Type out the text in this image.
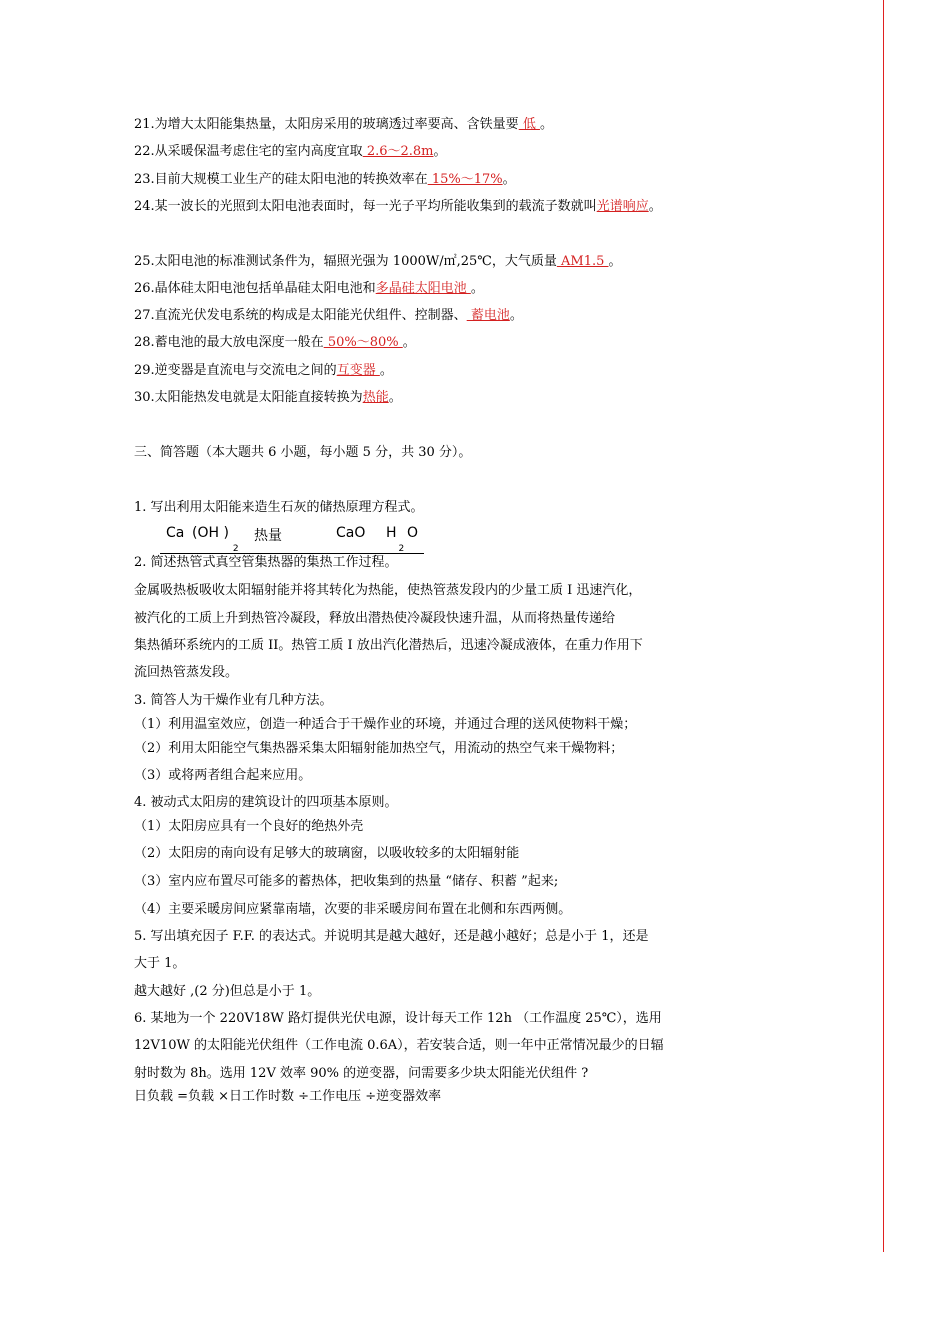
21.为增大太阳能集热量，太阳房采用的玻璃透过率要高、含铁量要 低 。
22.从采暖保温考虑住宅的室内高度宜取 2.6～2.8m。
23.目前大规模工业生产的硅太阳电池的转换效率在 15%～17%。
24.某一波长的光照到太阳电池表面时，每一光子平均所能收集到的载流子数就叫光谱响应。
25.太阳电池的标准测试条件为，辐照光强为 1000W/㎡,25℃，大气质量 AM1.5 。
26.晶体硅太阳电池包括单晶硅太阳电池和多晶硅太阳电池 。
27.直流光伏发电系统的构成是太阳能光伏组件、控制器、 蓄电池。
28.蓄电池的最大放电深度一般在 50%～80% 。
29.逆变器是直流电与交流电之间的互变器 。
30.太阳能热发电就是太阳能直接转换为热能。
三、简答题（本大题共 6 小题，每小题 5 分，共 30 分）。
1. 写出利用太阳能来造生石灰的储热原理方程式。
Ca (OH )$_2$
热量	CaO $H_2$
O
2. 简述热管式真空管集热器的集热工作过程。
金属吸热板吸收太阳辐射能并将其转化为热能，使热管蒸发段内的少量工质 I 迅速汽化，
被汽化的工质上升到热管冷凝段，释放出潜热使冷凝段快速升温，从而将热量传递给
集热循环系统内的工质 II。热管工质 I 放出汽化潜热后，迅速冷凝成液体，在重力作用下
流回热管蒸发段。
3. 简答人为干燥作业有几种方法。
（1）利用温室效应，创造一种适合于干燥作业的环境，并通过合理的送风使物料干燥；
（2）利用太阳能空气集热器采集太阳辐射能加热空气，用流动的热空气来干燥物料；
（3）或将两者组合起来应用。
4. 被动式太阳房的建筑设计的四项基本原则。
（1）太阳房应具有一个良好的绝热外壳
（2）太阳房的南向设有足够大的玻璃窗，以吸收较多的太阳辐射能
（3）室内应布置尽可能多的蓄热体，把收集到的热量 “储存、积蓄 ”起来;
（4）主要采暖房间应紧靠南墙，次要的非采暖房间布置在北侧和东西两侧。
5. 写出填充因子 F.F. 的表达式。并说明其是越大越好，还是越小越好；总是小于 1，还是
大于 1。
越大越好 ,(2 分)但总是小于 1。
6. 某地为一个 220V18W 路灯提供光伏电源，设计每天工作 12h （工作温度 25℃），选用
12V10W 的太阳能光伏组件（工作电流 0.6A），若安装合适，则一年中正常情况最少的日辐
射时数为 8h。选用 12V 效率 90% 的逆变器，问需要多少块太阳能光伏组件 ?
日负载 =负载 ×日工作时数 ÷工作电压 ÷逆变器效率
